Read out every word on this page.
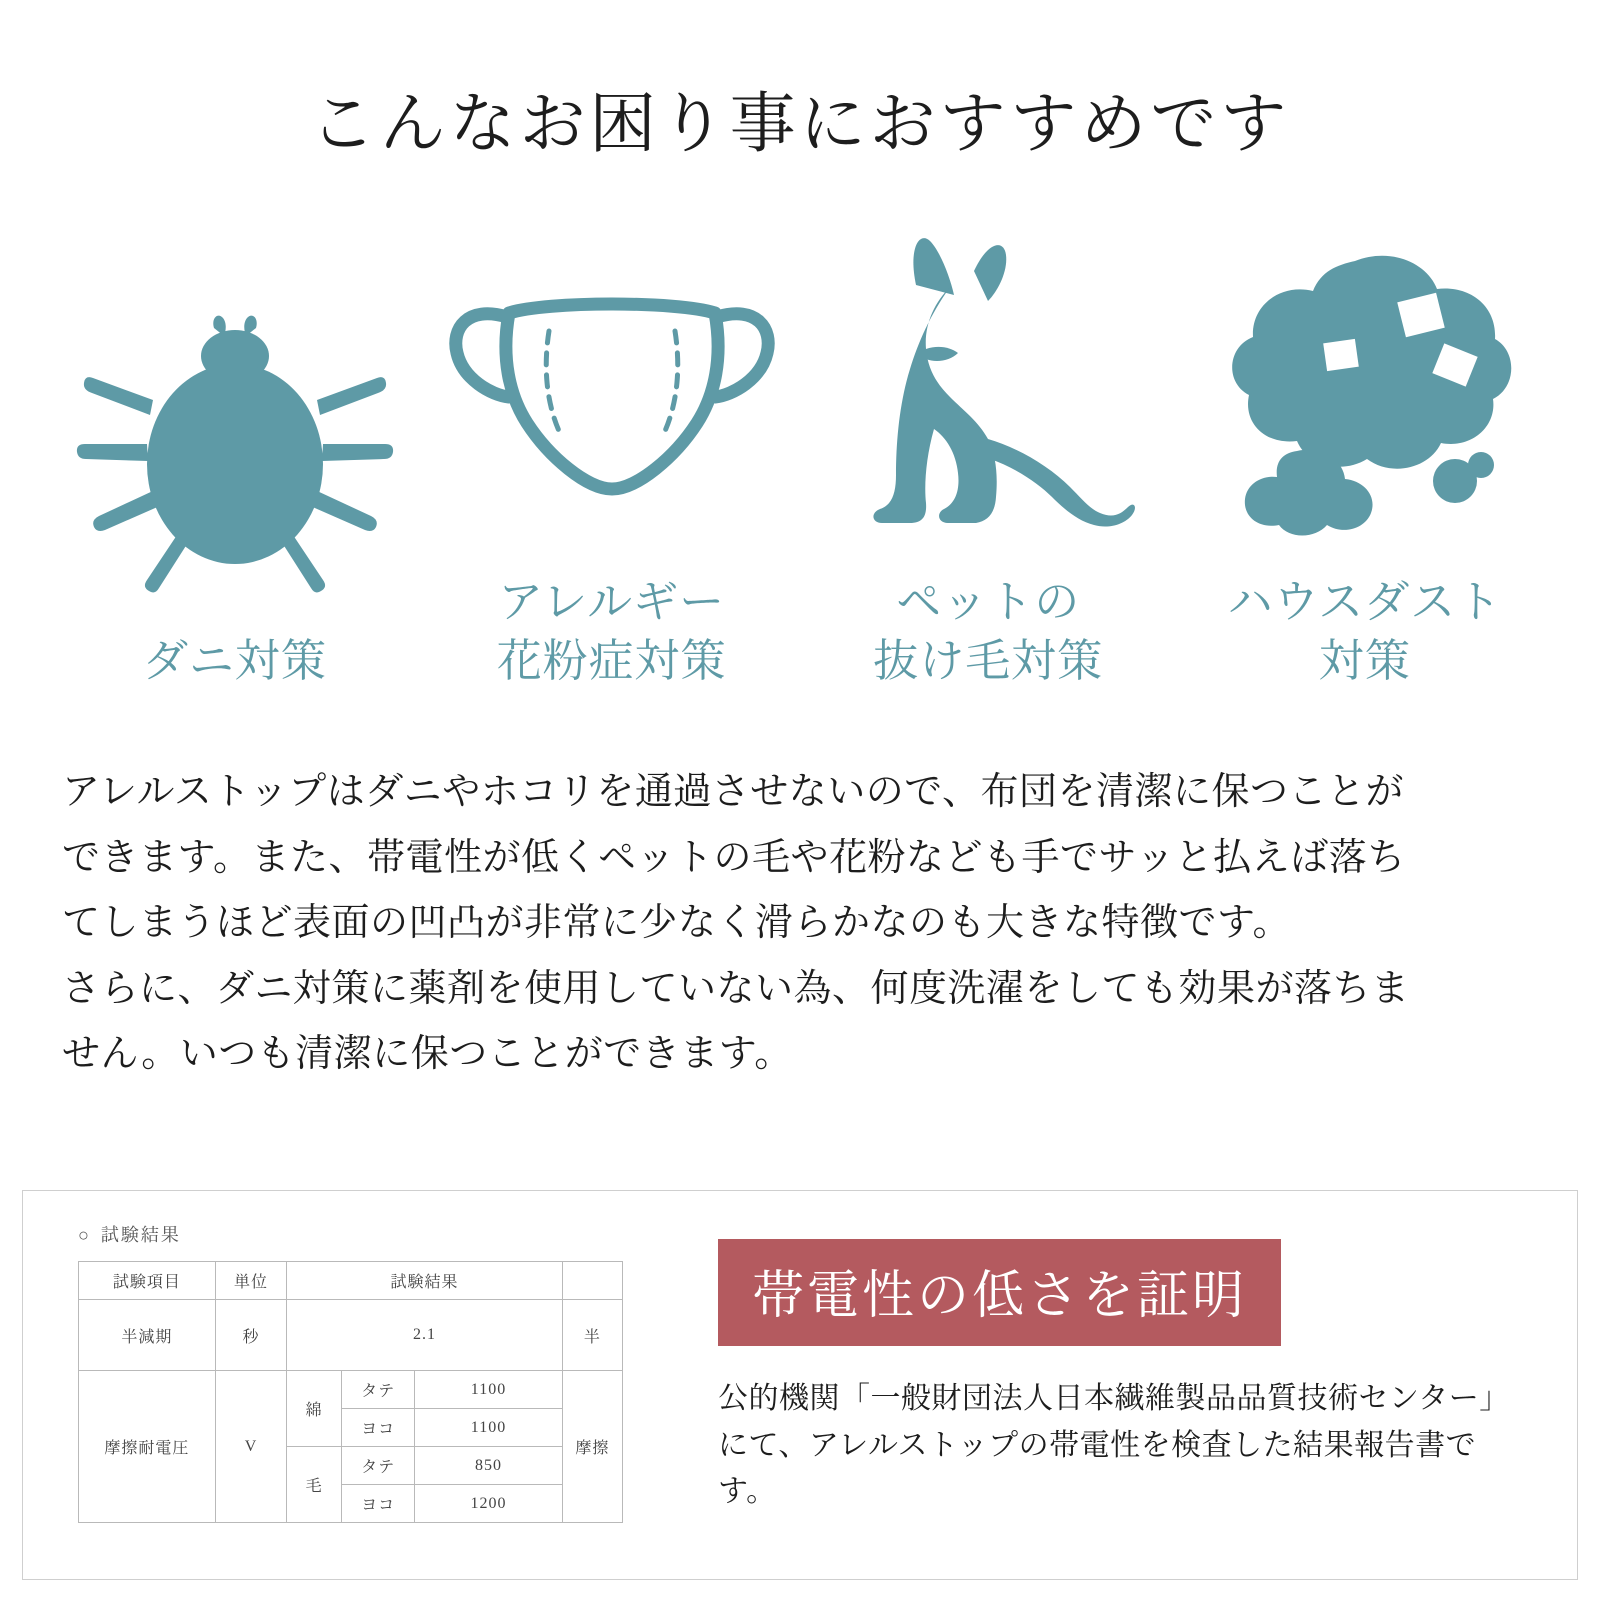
こんなお困り事におすすめです
ダニ対策
アレルギー
花粉症対策
ペットの
抜け毛対策
ハウスダスト
対策

アレルストップはダニやホコリを通過させないので、布団を清潔に保つことが

できます。また、帯電性が低くペットの毛や花粉なども手でサッと払えば落ち

てしまうほど表面の凹凸が非常に少なく滑らかなのも大きな特徴です。

さらに、ダニ対策に薬剤を使用していない為、何度洗濯をしても効果が落ちま

せん。いつも清潔に保つことができます。

○ 試験結果
試験項目	単位	試験結果			
半減期	秒	2.1			半
摩擦耐電圧	V	綿	タテ	1100	摩擦
			ヨコ	1100	
		毛	タテ	850	
			ヨコ	1200	
帯電性の低さを証明

公的機関「一般財団法人日本繊維製品品質技術センター」

にて、アレルストップの帯電性を検査した結果報告書です。
